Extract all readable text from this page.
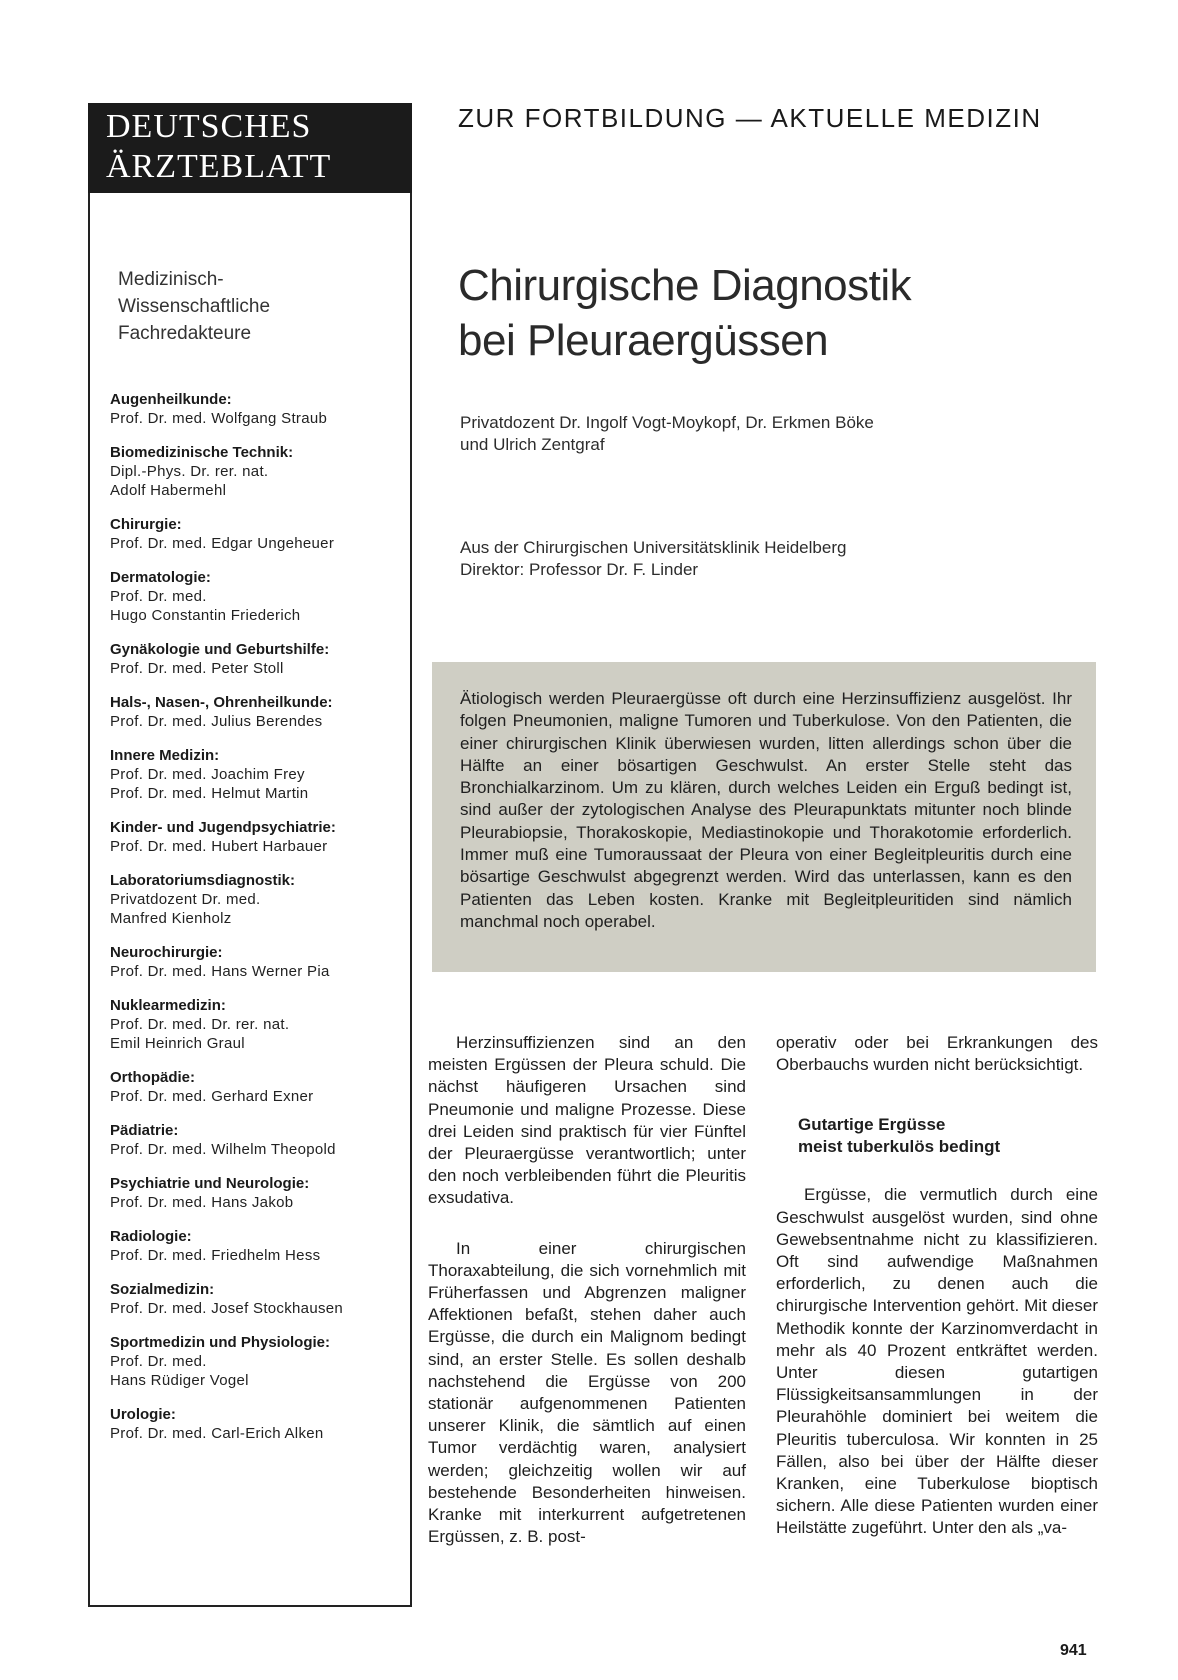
DEUTSCHES
ÄRZTEBLATT
Medizinisch-
Wissenschaftliche
Fachredakteure
Augenheilkunde:
Prof. Dr. med. Wolfgang Straub
Biomedizinische Technik:
Dipl.-Phys. Dr. rer. nat.
Adolf Habermehl
Chirurgie:
Prof. Dr. med. Edgar Ungeheuer
Dermatologie:
Prof. Dr. med.
Hugo Constantin Friederich
Gynäkologie und Geburtshilfe:
Prof. Dr. med. Peter Stoll
Hals-, Nasen-, Ohrenheilkunde:
Prof. Dr. med. Julius Berendes
Innere Medizin:
Prof. Dr. med. Joachim Frey
Prof. Dr. med. Helmut Martin
Kinder- und Jugendpsychiatrie:
Prof. Dr. med. Hubert Harbauer
Laboratoriumsdiagnostik:
Privatdozent Dr. med.
Manfred Kienholz
Neurochirurgie:
Prof. Dr. med. Hans Werner Pia
Nuklearmedizin:
Prof. Dr. med. Dr. rer. nat.
Emil Heinrich Graul
Orthopädie:
Prof. Dr. med. Gerhard Exner
Pädiatrie:
Prof. Dr. med. Wilhelm Theopold
Psychiatrie und Neurologie:
Prof. Dr. med. Hans Jakob
Radiologie:
Prof. Dr. med. Friedhelm Hess
Sozialmedizin:
Prof. Dr. med. Josef Stockhausen
Sportmedizin und Physiologie:
Prof. Dr. med.
Hans Rüdiger Vogel
Urologie:
Prof. Dr. med. Carl-Erich Alken
ZUR FORTBILDUNG — AKTUELLE MEDIZIN
Chirurgische Diagnostik
bei Pleuraergüssen
Privatdozent Dr. Ingolf Vogt-Moykopf, Dr. Erkmen Böke
und Ulrich Zentgraf
Aus der Chirurgischen Universitätsklinik Heidelberg
Direktor: Professor Dr. F. Linder
Ätiologisch werden Pleuraergüsse oft durch eine Herzinsuffizienz ausgelöst. Ihr folgen Pneumonien, maligne Tumoren und Tuberkulose. Von den Patienten, die einer chirurgischen Klinik überwiesen wurden, litten allerdings schon über die Hälfte an einer bösartigen Geschwulst. An erster Stelle steht das Bronchialkarzinom. Um zu klären, durch welches Leiden ein Erguß bedingt ist, sind außer der zytologischen Analyse des Pleurapunktats mitunter noch blinde Pleurabiopsie, Thorakoskopie, Mediastinokopie und Thorakotomie erforderlich. Immer muß eine Tumoraussaat der Pleura von einer Begleitpleuritis durch eine bösartige Geschwulst abgegrenzt werden. Wird das unterlassen, kann es den Patienten das Leben kosten. Kranke mit Begleitpleuritiden sind nämlich manchmal noch operabel.

Herzinsuffizienzen sind an den meisten Ergüssen der Pleura schuld. Die nächst häufigeren Ursachen sind Pneumonie und maligne Prozesse. Diese drei Leiden sind praktisch für vier Fünftel der Pleuraergüsse verantwortlich; unter den noch verbleibenden führt die Pleuritis exsudativa.

In einer chirurgischen Thoraxabteilung, die sich vornehmlich mit Früherfassen und Abgrenzen maligner Affektionen befaßt, stehen daher auch Ergüsse, die durch ein Malignom bedingt sind, an erster Stelle. Es sollen deshalb nachstehend die Ergüsse von 200 stationär aufgenommenen Patienten unserer Klinik, die sämtlich auf einen Tumor verdächtig waren, analysiert werden; gleichzeitig wollen wir auf bestehende Besonderheiten hinweisen. Kranke mit interkurrent aufgetretenen Ergüssen, z. B. post-

operativ oder bei Erkrankungen des Oberbauchs wurden nicht berücksichtigt.

Gutartige Ergüsse
meist tuberkulös bedingt

Ergüsse, die vermutlich durch eine Geschwulst ausgelöst wurden, sind ohne Gewebsentnahme nicht zu klassifizieren. Oft sind aufwendige Maßnahmen erforderlich, zu denen auch die chirurgische Intervention gehört. Mit dieser Methodik konnte der Karzinomverdacht in mehr als 40 Prozent entkräftet werden. Unter diesen gutartigen Flüssigkeitsansammlungen in der Pleurahöhle dominiert bei weitem die Pleuritis tuberculosa. Wir konnten in 25 Fällen, also bei über der Hälfte dieser Kranken, eine Tuberkulose bioptisch sichern. Alle diese Patienten wurden einer Heilstätte zugeführt. Unter den als „va-

941
